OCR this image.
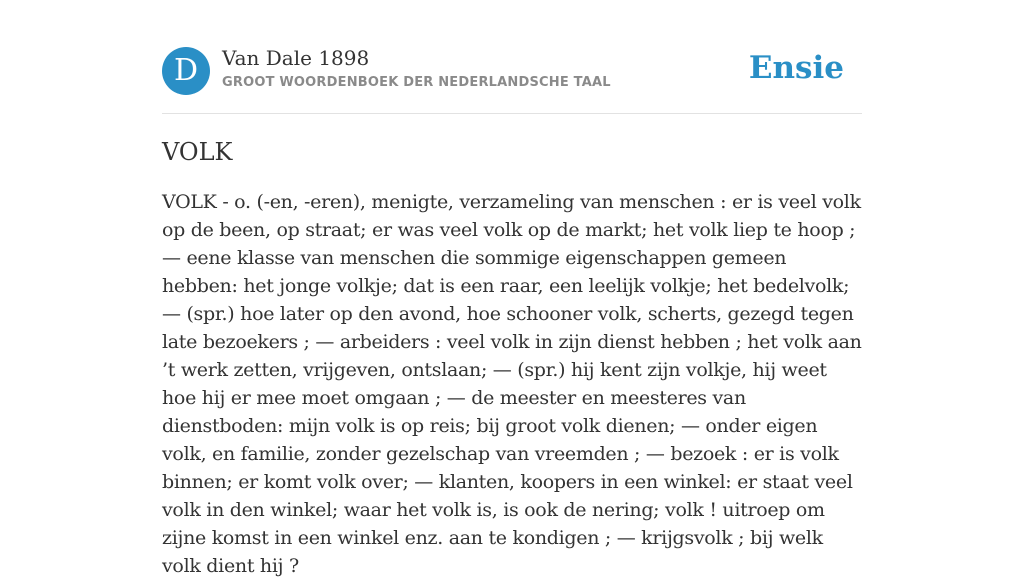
D	Van Dale 1898
GROOT WOORDENBOEK DER NEDERLANDSCHE TAAL	Ensie
VOLK

VOLK - o. (-en, -eren), menigte, verzameling van menschen : er is veel volk op de been, op straat; er was veel volk op de markt; het volk liep te hoop ; — eene klasse van menschen die sommige eigenschappen gemeen hebben: het jonge volkje; dat is een raar, een leelijk volkje; het bedelvolk; — (spr.) hoe later op den avond, hoe schooner volk, scherts, gezegd tegen late bezoekers ; — arbeiders : veel volk in zijn dienst hebben ; het volk aan ’t werk zetten, vrijgeven, ontslaan; — (spr.) hij kent zijn volkje, hij weet hoe hij er mee moet omgaan ; — de meester en meesteres van dienstboden: mijn volk is op reis; bij groot volk dienen; — onder eigen volk, en familie, zonder gezelschap van vreemden ; — bezoek : er is volk binnen; er komt volk over; — klanten, koopers in een winkel: er staat veel volk in den winkel; waar het volk is, is ook de nering; volk ! uitroep om zijne komst in een winkel enz. aan te kondigen ; — krijgsvolk ; bij welk volk dient hij ?
